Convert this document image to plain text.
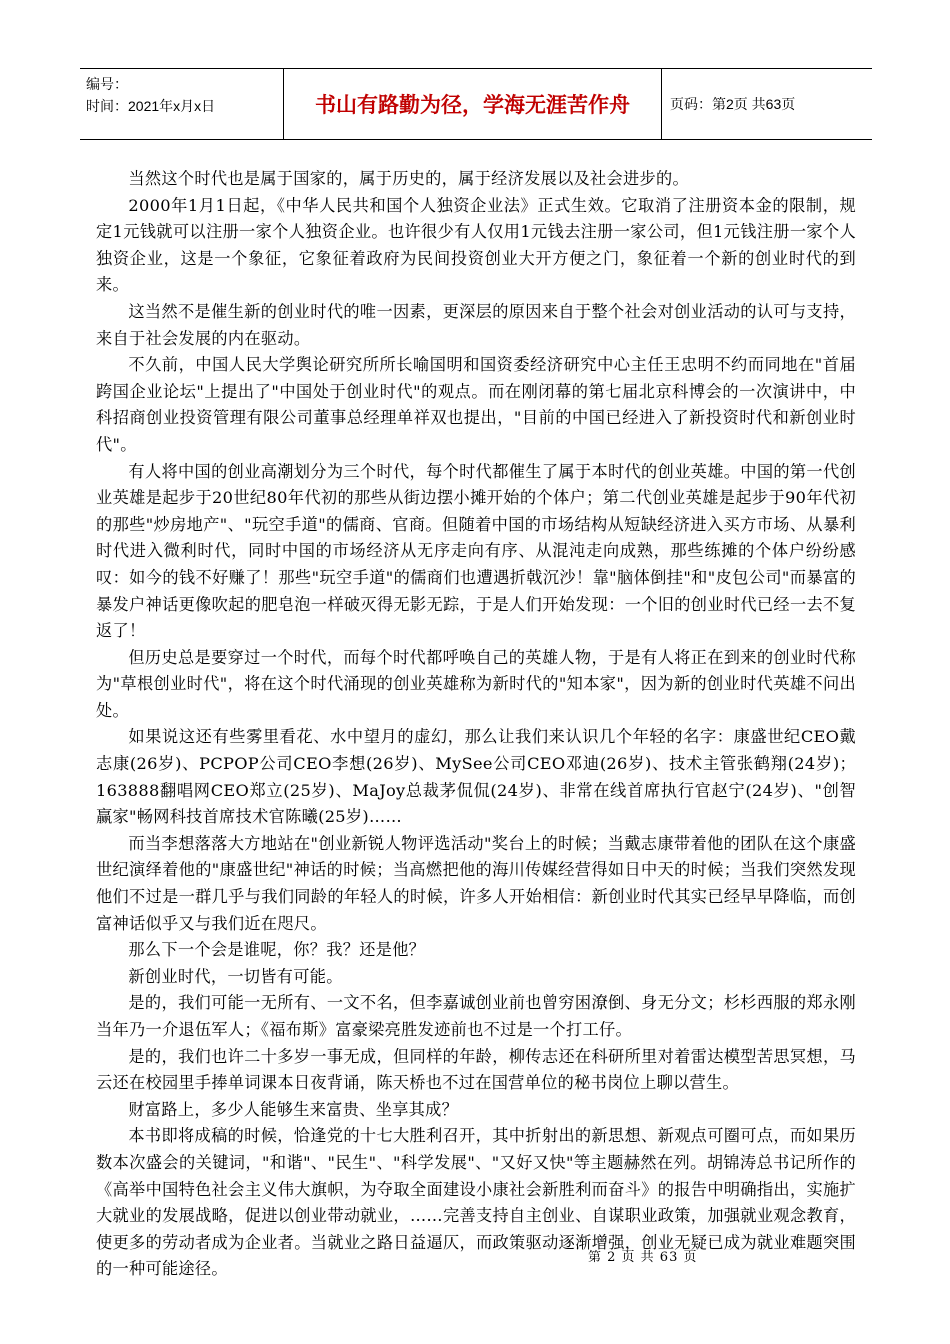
编号：
时间：2021年x月x日	书山有路勤为径，学海无涯苦作舟	页码：第2页 共63页

当然这个时代也是属于国家的，属于历史的，属于经济发展以及社会进步的。

2000年1月1日起，《中华人民共和国个人独资企业法》正式生效。它取消了注册资本金的限制，规定1元钱就可以注册一家个人独资企业。也许很少有人仅用1元钱去注册一家公司，但1元钱注册一家个人独资企业，这是一个象征，它象征着政府为民间投资创业大开方便之门，象征着一个新的创业时代的到来。

这当然不是催生新的创业时代的唯一因素，更深层的原因来自于整个社会对创业活动的认可与支持，来自于社会发展的内在驱动。

不久前，中国人民大学舆论研究所所长喻国明和国资委经济研究中心主任王忠明不约而同地在"首届跨国企业论坛"上提出了"中国处于创业时代"的观点。而在刚闭幕的第七届北京科博会的一次演讲中，中科招商创业投资管理有限公司董事总经理单祥双也提出，"目前的中国已经进入了新投资时代和新创业时代"。

有人将中国的创业高潮划分为三个时代，每个时代都催生了属于本时代的创业英雄。中国的第一代创业英雄是起步于20世纪80年代初的那些从街边摆小摊开始的个体户；第二代创业英雄是起步于90年代初的那些"炒房地产"、"玩空手道"的儒商、官商。但随着中国的市场结构从短缺经济进入买方市场、从暴利时代进入微利时代，同时中国的市场经济从无序走向有序、从混沌走向成熟，那些练摊的个体户纷纷感叹：如今的钱不好赚了！那些"玩空手道"的儒商们也遭遇折戟沉沙！靠"脑体倒挂"和"皮包公司"而暴富的暴发户神话更像吹起的肥皂泡一样破灭得无影无踪，于是人们开始发现：一个旧的创业时代已经一去不复返了！

但历史总是要穿过一个时代，而每个时代都呼唤自己的英雄人物，于是有人将正在到来的创业时代称为"草根创业时代"，将在这个时代涌现的创业英雄称为新时代的"知本家"，因为新的创业时代英雄不问出处。

如果说这还有些雾里看花、水中望月的虚幻，那么让我们来认识几个年轻的名字：康盛世纪CEO戴志康(26岁)、PCPOP公司CEO李想(26岁)、MySee公司CEO邓迪(26岁)、技术主管张鹤翔(24岁)；163888翻唱网CEO郑立(25岁)、MaJoy总裁茅侃侃(24岁)、非常在线首席执行官赵宁(24岁)、"创智赢家"畅网科技首席技术官陈曦(25岁)……

而当李想落落大方地站在"创业新锐人物评选活动"奖台上的时候；当戴志康带着他的团队在这个康盛世纪演绎着他的"康盛世纪"神话的时候；当高燃把他的海川传媒经营得如日中天的时候；当我们突然发现他们不过是一群几乎与我们同龄的年轻人的时候，许多人开始相信：新创业时代其实已经早早降临，而创富神话似乎又与我们近在咫尺。

那么下一个会是谁呢，你？我？还是他？

新创业时代，一切皆有可能。

是的，我们可能一无所有、一文不名，但李嘉诚创业前也曾穷困潦倒、身无分文；杉杉西服的郑永刚当年乃一介退伍军人；《福布斯》富豪梁亮胜发迹前也不过是一个打工仔。

是的，我们也许二十多岁一事无成，但同样的年龄，柳传志还在科研所里对着雷达模型苦思冥想，马云还在校园里手捧单词课本日夜背诵，陈天桥也不过在国营单位的秘书岗位上聊以营生。

财富路上，多少人能够生来富贵、坐享其成？

本书即将成稿的时候，恰逢党的十七大胜利召开，其中折射出的新思想、新观点可圈可点，而如果历数本次盛会的关键词，"和谐"、"民生"、"科学发展"、"又好又快"等主题赫然在列。胡锦涛总书记所作的《高举中国特色社会主义伟大旗帜，为夺取全面建设小康社会新胜利而奋斗》的报告中明确指出，实施扩大就业的发展战略，促进以创业带动就业，……完善支持自主创业、自谋职业政策，加强就业观念教育，使更多的劳动者成为企业者。当就业之路日益逼仄，而政策驱动逐渐增强，创业无疑已成为就业难题突围的一种可能途径。

第 2 页 共 63 页
